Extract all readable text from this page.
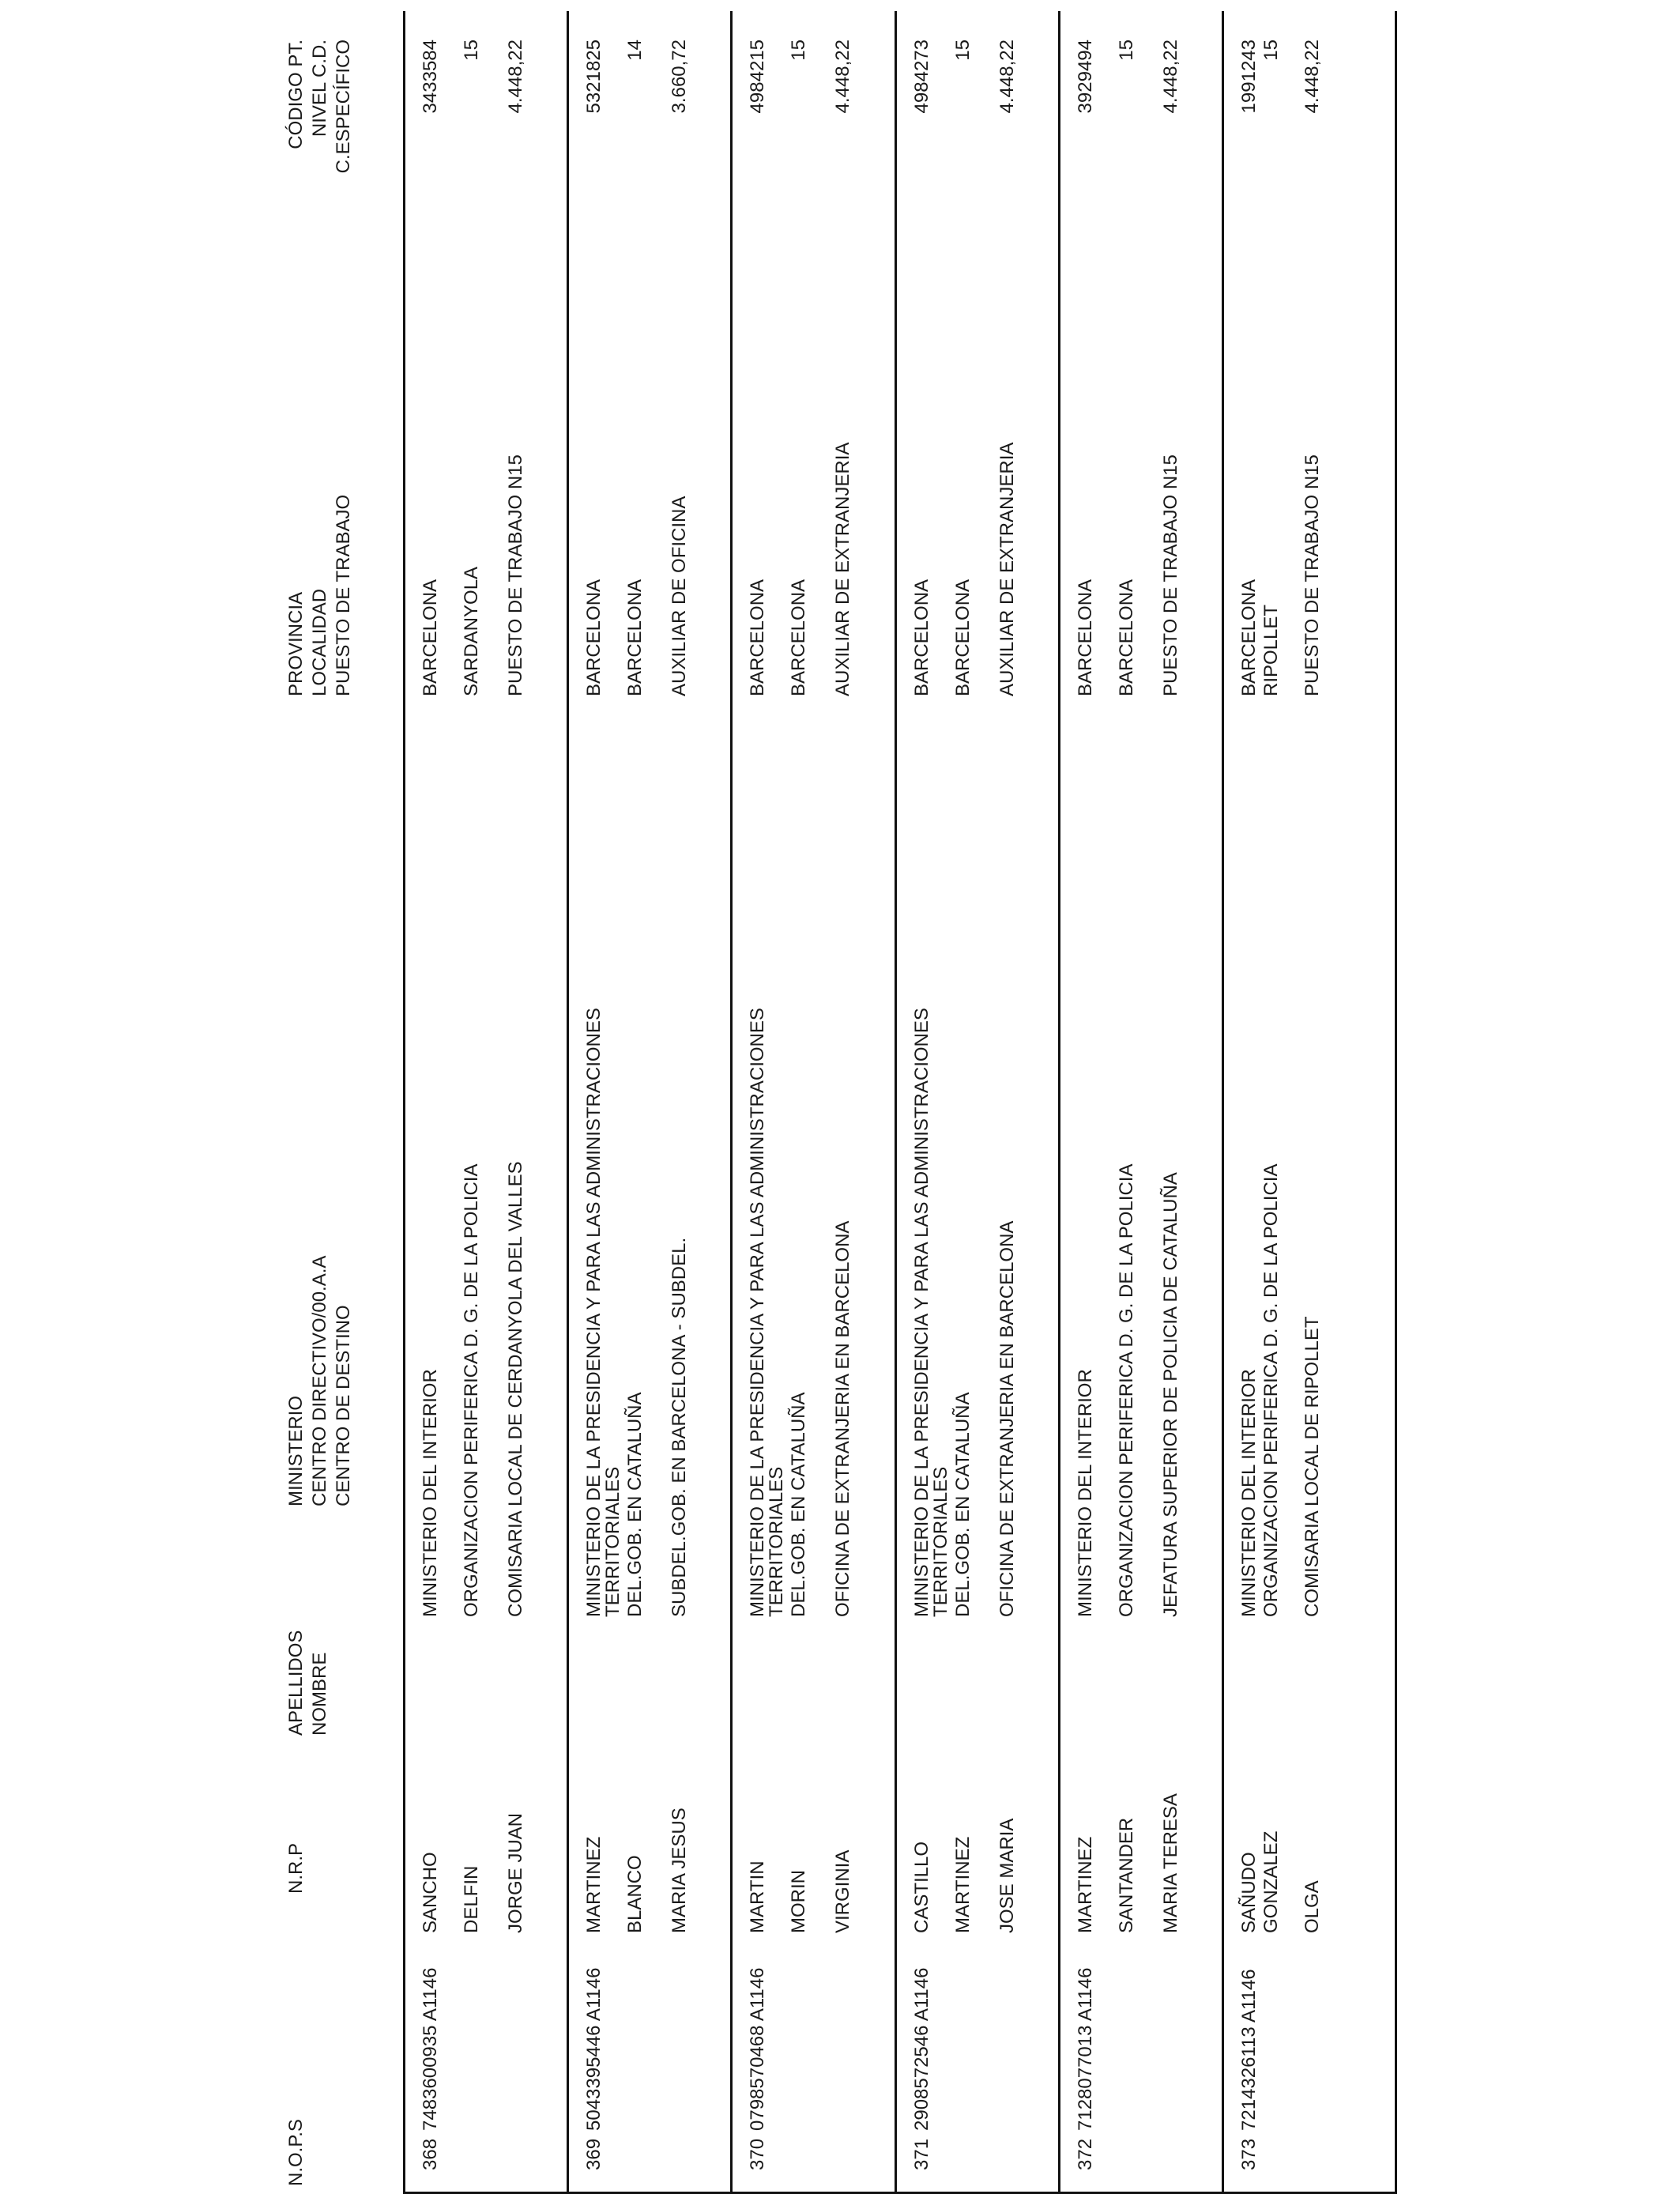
N.O.P.S
N.R.P
APELLIDOS NOMBRE
MINISTERIO CENTRO DIRECTIVO/00.A.A CENTRO DE DESTINO
PROVINCIA LOCALIDAD PUESTO DE TRABAJO
CÓDIGO PT. NIVEL C.D. C.ESPECÍFICO
368
7483600935 A1146
SANCHO DELFIN JORGE JUAN
MINISTERIO DEL INTERIOR ORGANIZACION PERIFERICA D. G. DE LA POLICIA COMISARIA LOCAL DE CERDANYOLA DEL VALLES
BARCELONA SARDANYOLA PUESTO DE TRABAJO N15
3433584 15 4.448,22
369
5043395446 A1146
MARTINEZ BLANCO MARIA JESUS
MINISTERIO DE LA PRESIDENCIA Y PARA LAS ADMINISTRACIONES
TERRITORIALES DEL.GOB. EN CATALUÑA SUBDEL.GOB. EN BARCELONA - SUBDEL.
BARCELONA BARCELONA AUXILIAR DE OFICINA
5321825 14 3.660,72
370
0798570468 A1146
MARTIN MORIN VIRGINIA
MINISTERIO DE LA PRESIDENCIA Y PARA LAS ADMINISTRACIONES
TERRITORIALES DEL.GOB. EN CATALUÑA OFICINA DE EXTRANJERIA EN BARCELONA
BARCELONA BARCELONA AUXILIAR DE EXTRANJERIA
4984215 15 4.448,22
371
2908572546 A1146
CASTILLO MARTINEZ JOSE MARIA
MINISTERIO DE LA PRESIDENCIA Y PARA LAS ADMINISTRACIONES
TERRITORIALES DEL.GOB. EN CATALUÑA OFICINA DE EXTRANJERIA EN BARCELONA
BARCELONA BARCELONA AUXILIAR DE EXTRANJERIA
4984273 15 4.448,22
372
7128077013 A1146
MARTINEZ SANTANDER MARIA TERESA
MINISTERIO DEL INTERIOR ORGANIZACION PERIFERICA D. G. DE LA POLICIA JEFATURA SUPERIOR DE POLICIA DE CATALUÑA
BARCELONA BARCELONA PUESTO DE TRABAJO N15
3929494 15 4.448,22
373
7214326113 A1146
SAÑUDO GONZALEZ OLGA
MINISTERIO DEL INTERIOR ORGANIZACION PERIFERICA D. G. DE LA POLICIA COMISARIA LOCAL DE RIPOLLET
BARCELONA RIPOLLET PUESTO DE TRABAJO N15
1991243 15 4.448,22
